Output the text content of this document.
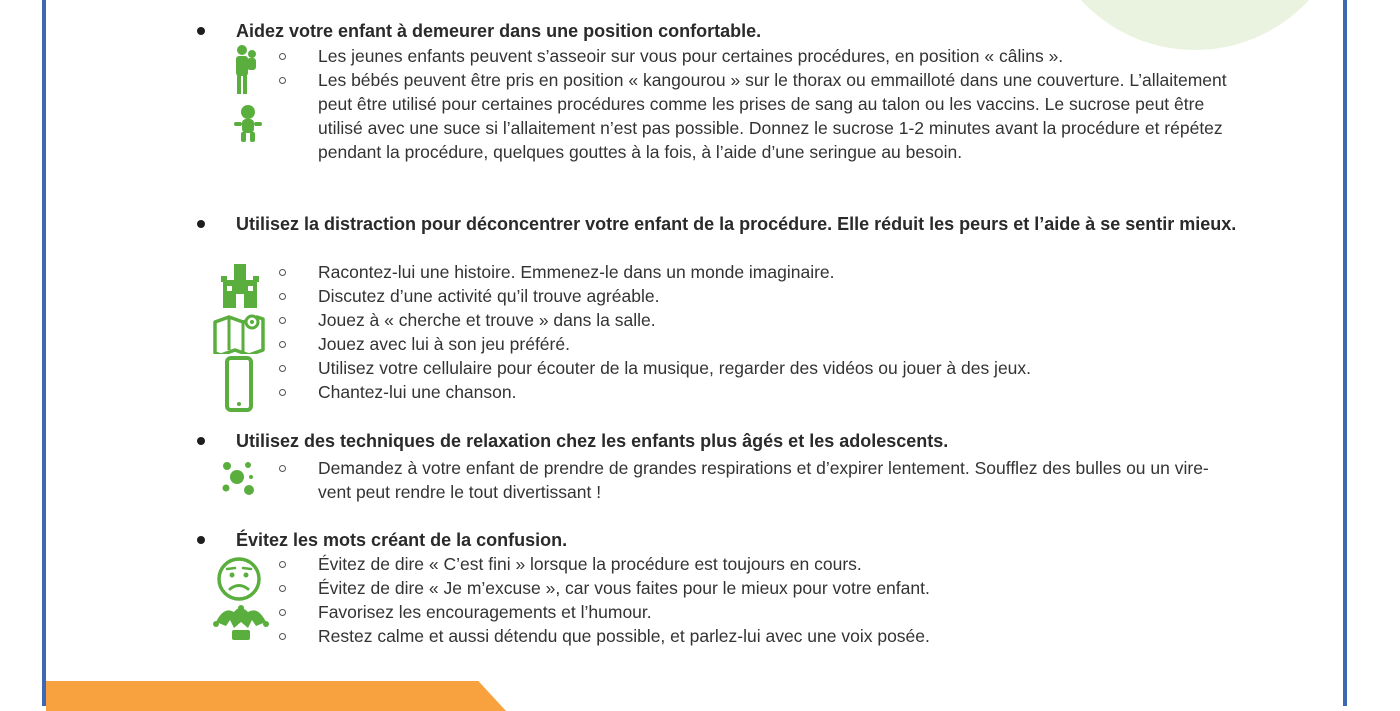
Aidez votre enfant à demeurer dans une position confortable.
Les jeunes enfants peuvent s’asseoir sur vous pour certaines procédures, en position « câlins ».
Les bébés peuvent être pris en position « kangourou » sur le thorax ou emmailloté dans une couverture. L’allaitement peut être utilisé pour certaines procédures comme les prises de sang au talon ou les vaccins. Le sucrose peut être utilisé avec une suce si l’allaitement n’est pas possible. Donnez le sucrose 1-2 minutes avant la procédure et répétez pendant la procédure, quelques gouttes à la fois, à l’aide d’une seringue au besoin.
Utilisez la distraction pour déconcentrer votre enfant de la procédure. Elle réduit les peurs et l’aide à se sentir mieux.
Racontez-lui une histoire. Emmenez-le dans un monde imaginaire.
Discutez d’une activité qu’il trouve agréable.
Jouez à « cherche et trouve » dans la salle.
Jouez avec lui à son jeu préféré.
Utilisez votre cellulaire pour écouter de la musique, regarder des vidéos ou jouer à des jeux.
Chantez-lui une chanson.
Utilisez des techniques de relaxation chez les enfants plus âgés et les adolescents.
Demandez à votre enfant de prendre de grandes respirations et d’expirer lentement. Soufflez des bulles ou un vire-vent peut rendre le tout divertissant !
Évitez les mots créant de la confusion.
Évitez de dire « C’est fini » lorsque la procédure est toujours en cours.
Évitez de dire « Je m’excuse », car vous faites pour le mieux pour votre enfant.
Favorisez les encouragements et l’humour.
Restez calme et aussi détendu que possible, et parlez-lui avec une voix posée.
